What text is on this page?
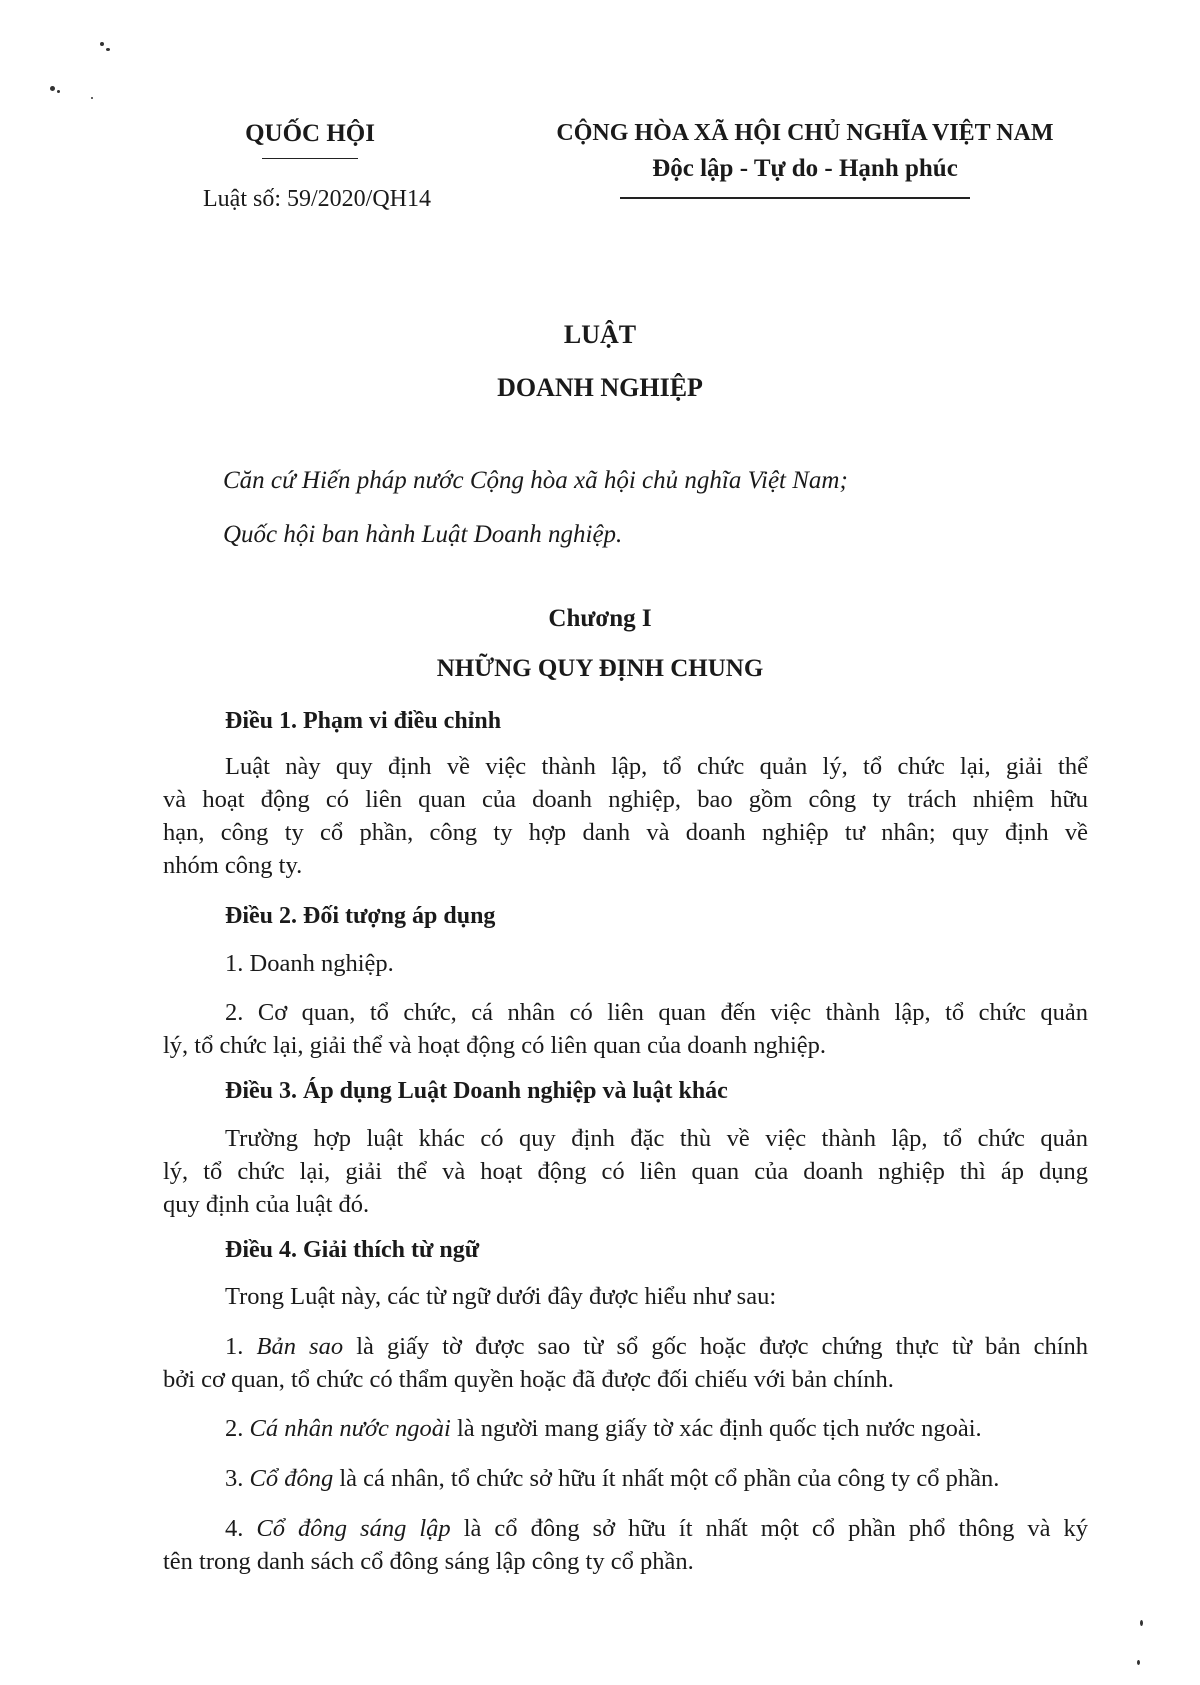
QUỐC HỘI
Luật số: 59/2020/QH14
CỘNG HÒA XÃ HỘI CHỦ NGHĨA VIỆT NAM
Độc lập - Tự do - Hạnh phúc
LUẬT
DOANH NGHIỆP
Căn cứ Hiến pháp nước Cộng hòa xã hội chủ nghĩa Việt Nam;
Quốc hội ban hành Luật Doanh nghiệp.
Chương I
NHỮNG QUY ĐỊNH CHUNG
Điều 1. Phạm vi điều chỉnh
Luật này quy định về việc thành lập, tổ chức quản lý, tổ chức lại, giải thể
và hoạt động có liên quan của doanh nghiệp, bao gồm công ty trách nhiệm hữu
hạn, công ty cổ phần, công ty hợp danh và doanh nghiệp tư nhân; quy định về
nhóm công ty.
Điều 2. Đối tượng áp dụng
1. Doanh nghiệp.
2. Cơ quan, tổ chức, cá nhân có liên quan đến việc thành lập, tổ chức quản
lý, tổ chức lại, giải thể và hoạt động có liên quan của doanh nghiệp.
Điều 3. Áp dụng Luật Doanh nghiệp và luật khác
Trường hợp luật khác có quy định đặc thù về việc thành lập, tổ chức quản
lý, tổ chức lại, giải thể và hoạt động có liên quan của doanh nghiệp thì áp dụng
quy định của luật đó.
Điều 4. Giải thích từ ngữ
Trong Luật này, các từ ngữ dưới đây được hiểu như sau:
1. Bản sao là giấy tờ được sao từ sổ gốc hoặc được chứng thực từ bản chính
bởi cơ quan, tổ chức có thẩm quyền hoặc đã được đối chiếu với bản chính.
2. Cá nhân nước ngoài là người mang giấy tờ xác định quốc tịch nước ngoài.
3. Cổ đông là cá nhân, tổ chức sở hữu ít nhất một cổ phần của công ty cổ phần.
4. Cổ đông sáng lập là cổ đông sở hữu ít nhất một cổ phần phổ thông và ký
tên trong danh sách cổ đông sáng lập công ty cổ phần.
